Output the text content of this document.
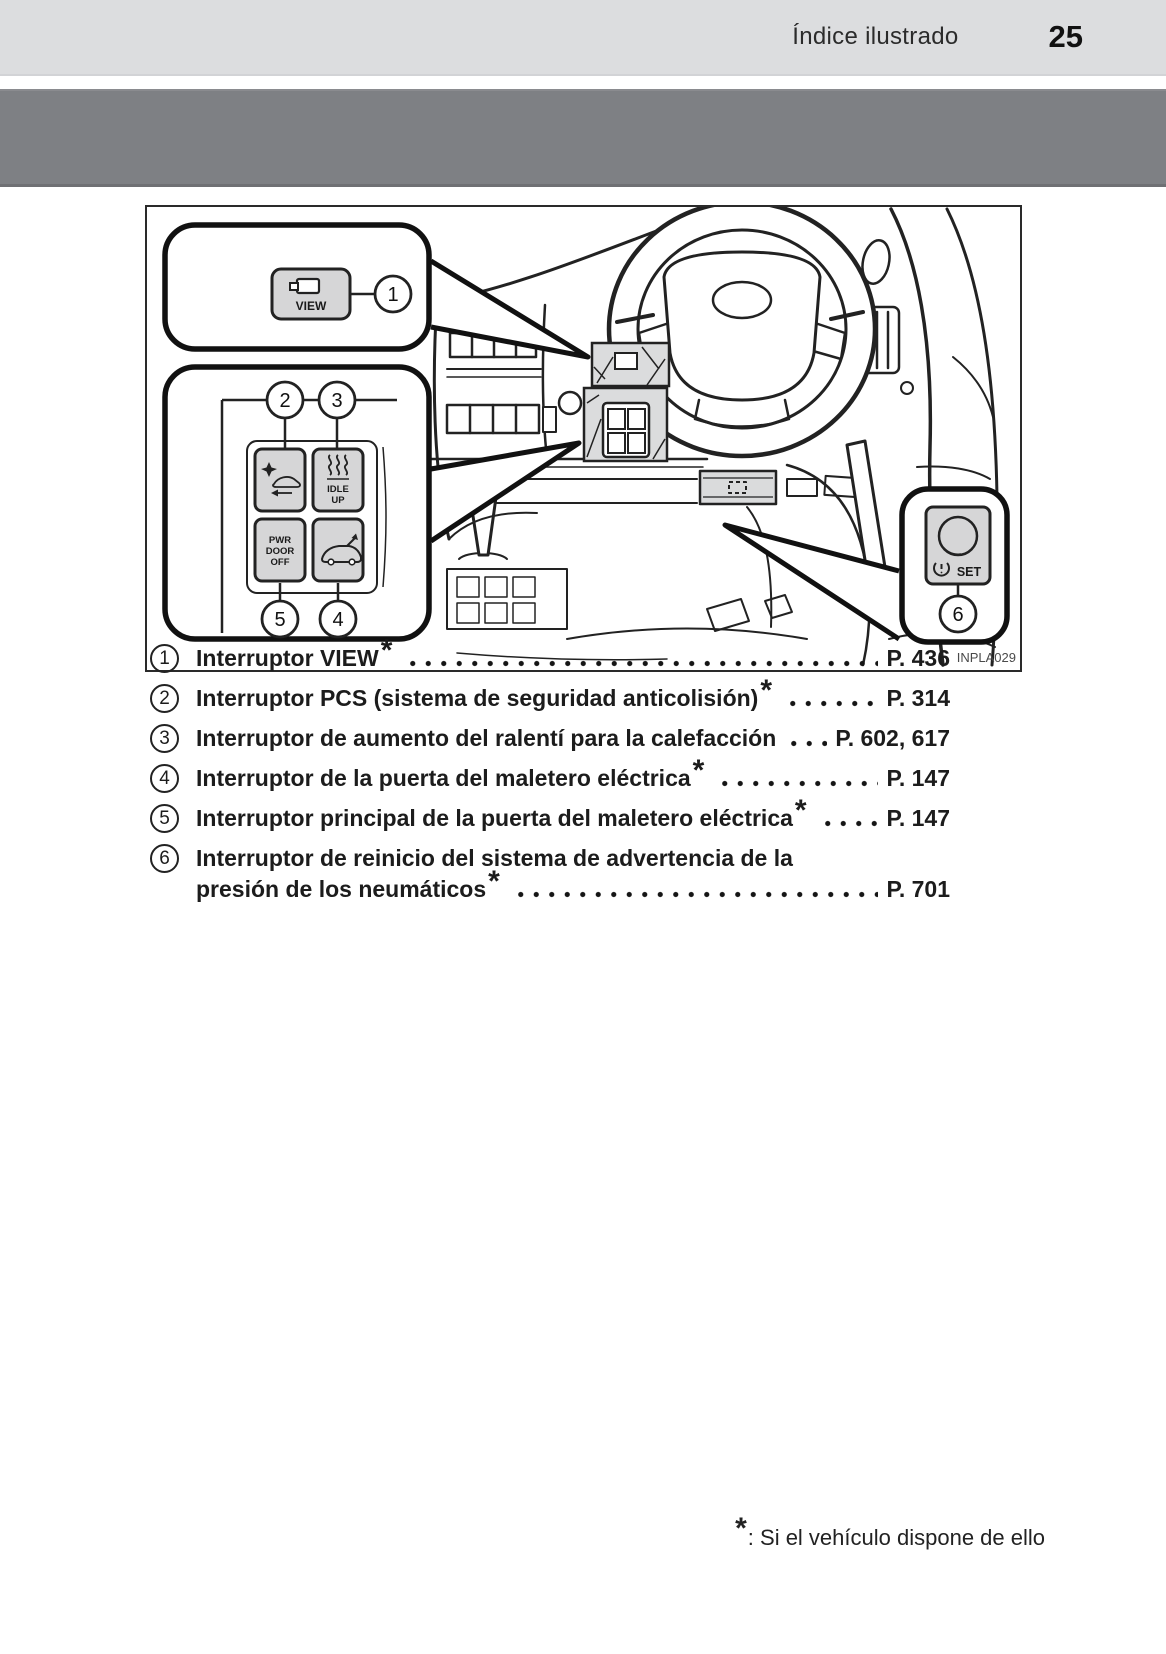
Índice ilustrado	25
VIEW	1
2 3
IDLE
UP
PWR
DOOR
OFF
5 4
SET
6
INPLA029
1	Interruptor VIEW *	P. 436
2	Interruptor PCS (sistema de seguridad anticolisión) *	P. 314
3	Interruptor de aumento del ralentí para la calefacción	P. 602, 617
4	Interruptor de la puerta del maletero eléctrica *	P. 147
5	Interruptor principal de la puerta del maletero eléctrica *	P. 147
6	Interruptor de reinicio del sistema de advertencia de la
presión de los neumáticos *	P. 701
*: Si el vehículo dispone de ello
